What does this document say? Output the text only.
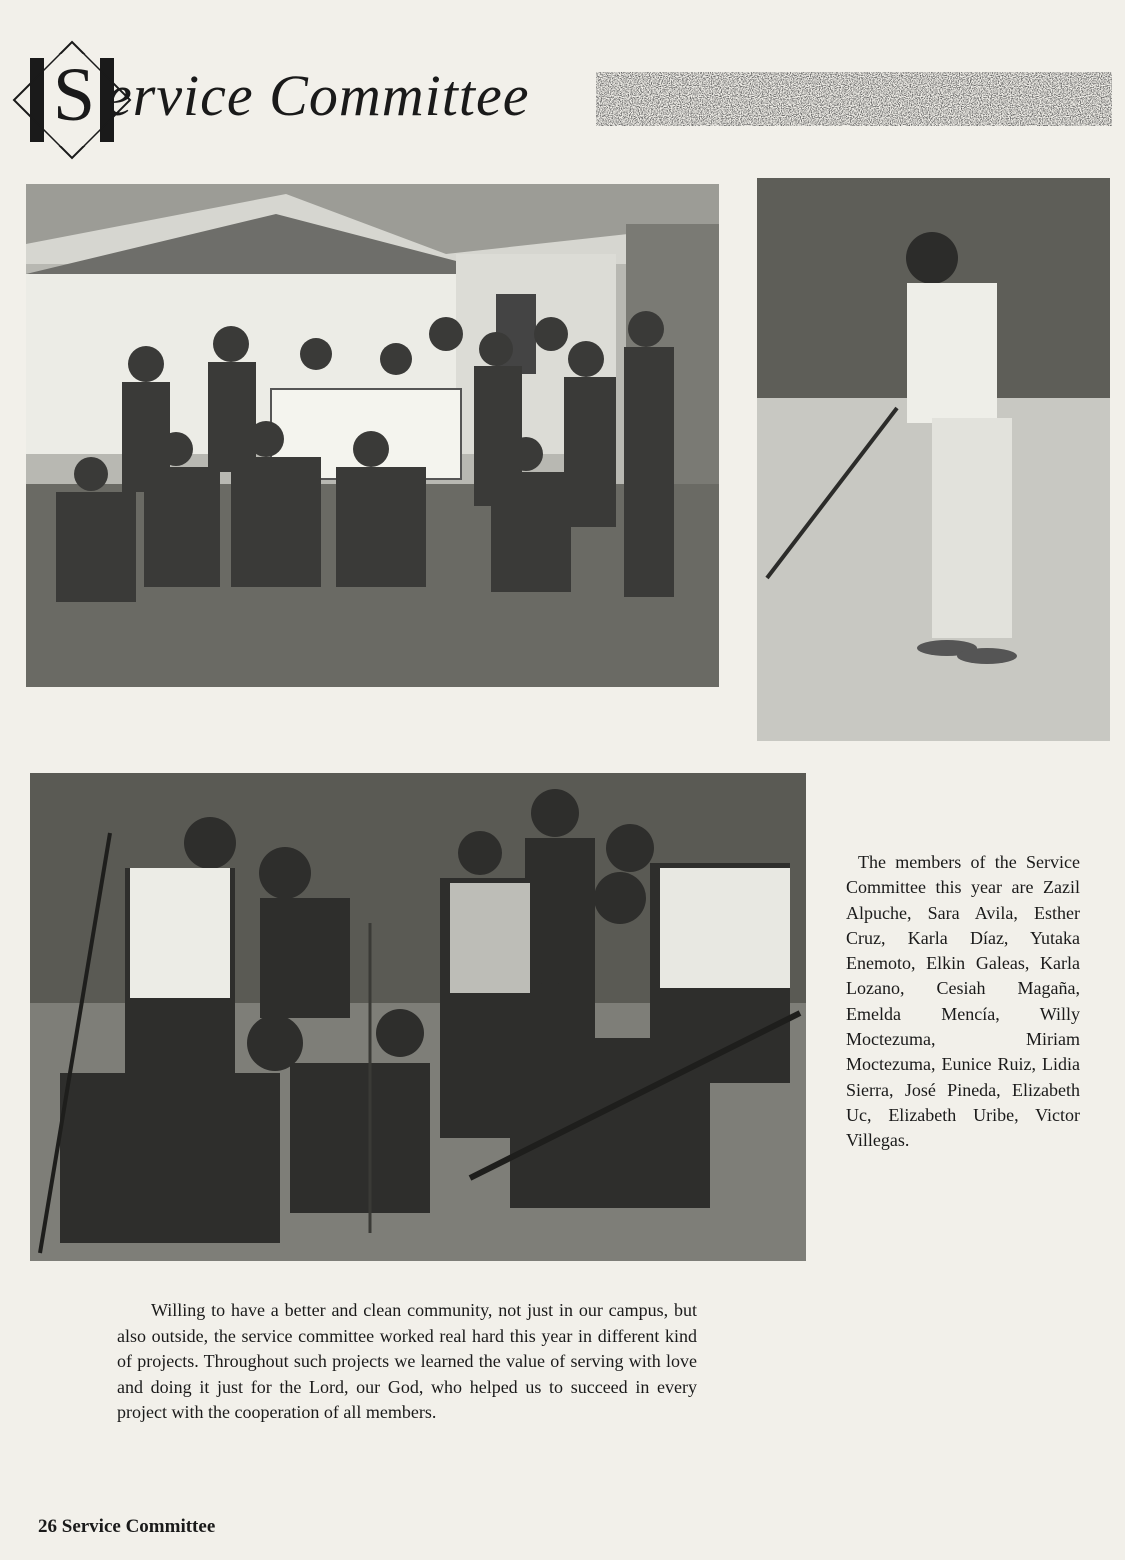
S ervice Committee
The members of the Service Committee this year are Zazil Alpuche, Sara Avila, Esther Cruz, Karla Díaz, Yutaka Enemoto, Elkin Galeas, Karla Lozano, Cesiah Magaña, Emelda Mencía, Willy Moctezuma, Miriam Moctezuma, Eunice Ruiz, Lidia Sierra, José Pineda, Elizabeth Uc, Elizabeth Uribe, Victor Villegas.
Willing to have a better and clean community, not just in our campus, but also outside, the service committee worked real hard this year in different kind of projects. Throughout such projects we learned the value of serving with love and doing it just for the Lord, our God, who helped us to succeed in every project with the cooperation of all members.
26 Service Committee
